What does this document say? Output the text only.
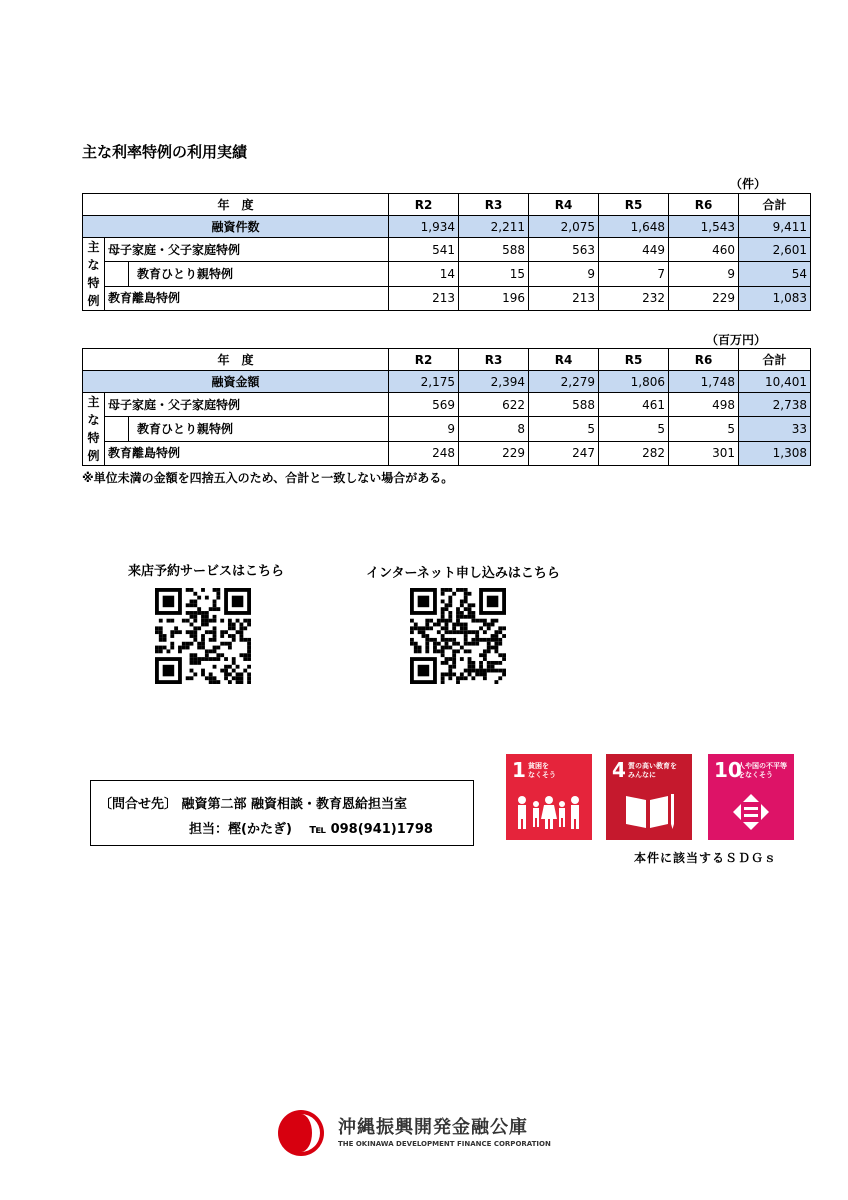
主な利率特例の利用実績
（件）
年　度			R2	R3	R4	R5	R6	合計
融資件数			1,934	2,211	2,075	1,648	1,543	9,411
主
な
特
例	母子家庭・父子家庭特例		541	588	563	449	460	2,601
		教育ひとり親特例	14	15	9	7	9	54
	教育離島特例		213	196	213	232	229	1,083
（百万円）
年　度			R2	R3	R4	R5	R6	合計
融資金額			2,175	2,394	2,279	1,806	1,748	10,401
主
な
特
例	母子家庭・父子家庭特例		569	622	588	461	498	2,738
		教育ひとり親特例	9	8	5	5	5	33
	教育離島特例		248	229	247	282	301	1,308
※単位未満の金額を四捨五入のため、合計と一致しない場合がある。
来店予約サービスはこちら	インターネット申し込みはこちら
〔問合せ先〕 融資第二部 融資相談・教育恩給担当室
担当：樫(かたぎ)　 ℡ 098(941)1798
1 貧困を
なくそう	4 質の高い教育を
みんなに	10
人や国の不平等
をなくそう
本件に該当するＳＤＧｓ
沖縄振興開発金融公庫
THE OKINAWA DEVELOPMENT FINANCE CORPORATION
